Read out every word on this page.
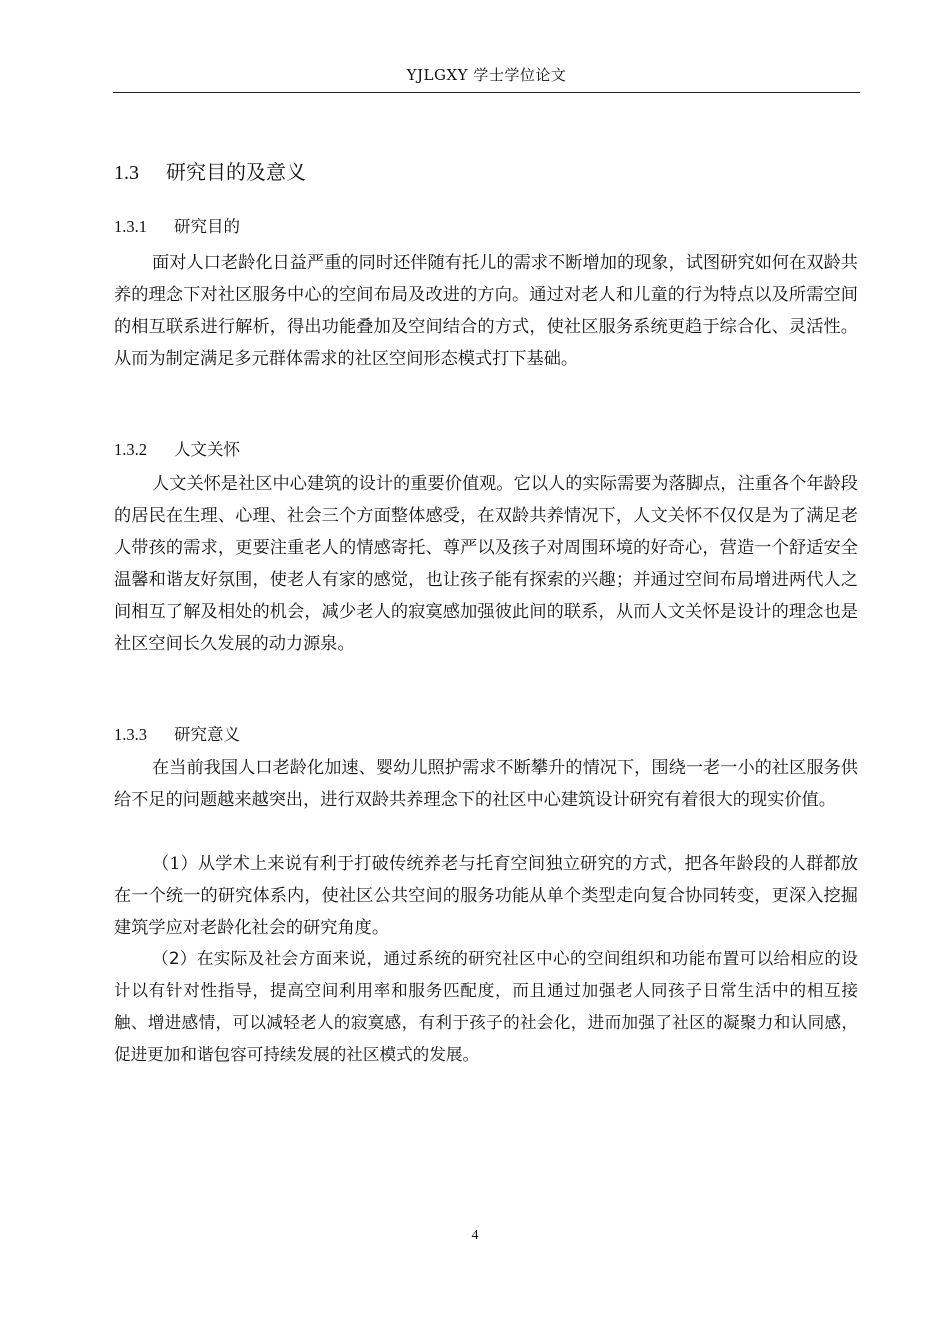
YJLGXY 学士学位论文
1.3 研究目的及意义
1.3.1 研究目的

面对人口老龄化日益严重的同时还伴随有托儿的需求不断增加的现象，试图研究如何在双龄共养的理念下对社区服务中心的空间布局及改进的方向。通过对老人和儿童的行为特点以及所需空间的相互联系进行解析，得出功能叠加及空间结合的方式，使社区服务系统更趋于综合化、灵活性。从而为制定满足多元群体需求的社区空间形态模式打下基础。

1.3.2 人文关怀

人文关怀是社区中心建筑的设计的重要价值观。它以人的实际需要为落脚点，注重各个年龄段的居民在生理、心理、社会三个方面整体感受，在双龄共养情况下，人文关怀不仅仅是为了满足老人带孩的需求，更要注重老人的情感寄托、尊严以及孩子对周围环境的好奇心，营造一个舒适安全温馨和谐友好氛围，使老人有家的感觉，也让孩子能有探索的兴趣；并通过空间布局增进两代人之间相互了解及相处的机会，减少老人的寂寞感加强彼此间的联系，从而人文关怀是设计的理念也是社区空间长久发展的动力源泉。

1.3.3 研究意义

在当前我国人口老龄化加速、婴幼儿照护需求不断攀升的情况下，围绕一老一小的社区服务供给不足的问题越来越突出，进行双龄共养理念下的社区中心建筑设计研究有着很大的现实价值。

（1）从学术上来说有利于打破传统养老与托育空间独立研究的方式，把各年龄段的人群都放在一个统一的研究体系内，使社区公共空间的服务功能从单个类型走向复合协同转变，更深入挖掘建筑学应对老龄化社会的研究角度。

（2）在实际及社会方面来说，通过系统的研究社区中心的空间组织和功能布置可以给相应的设计以有针对性指导，提高空间利用率和服务匹配度，而且通过加强老人同孩子日常生活中的相互接触、增进感情，可以减轻老人的寂寞感，有利于孩子的社会化，进而加强了社区的凝聚力和认同感，促进更加和谐包容可持续发展的社区模式的发展。

4
